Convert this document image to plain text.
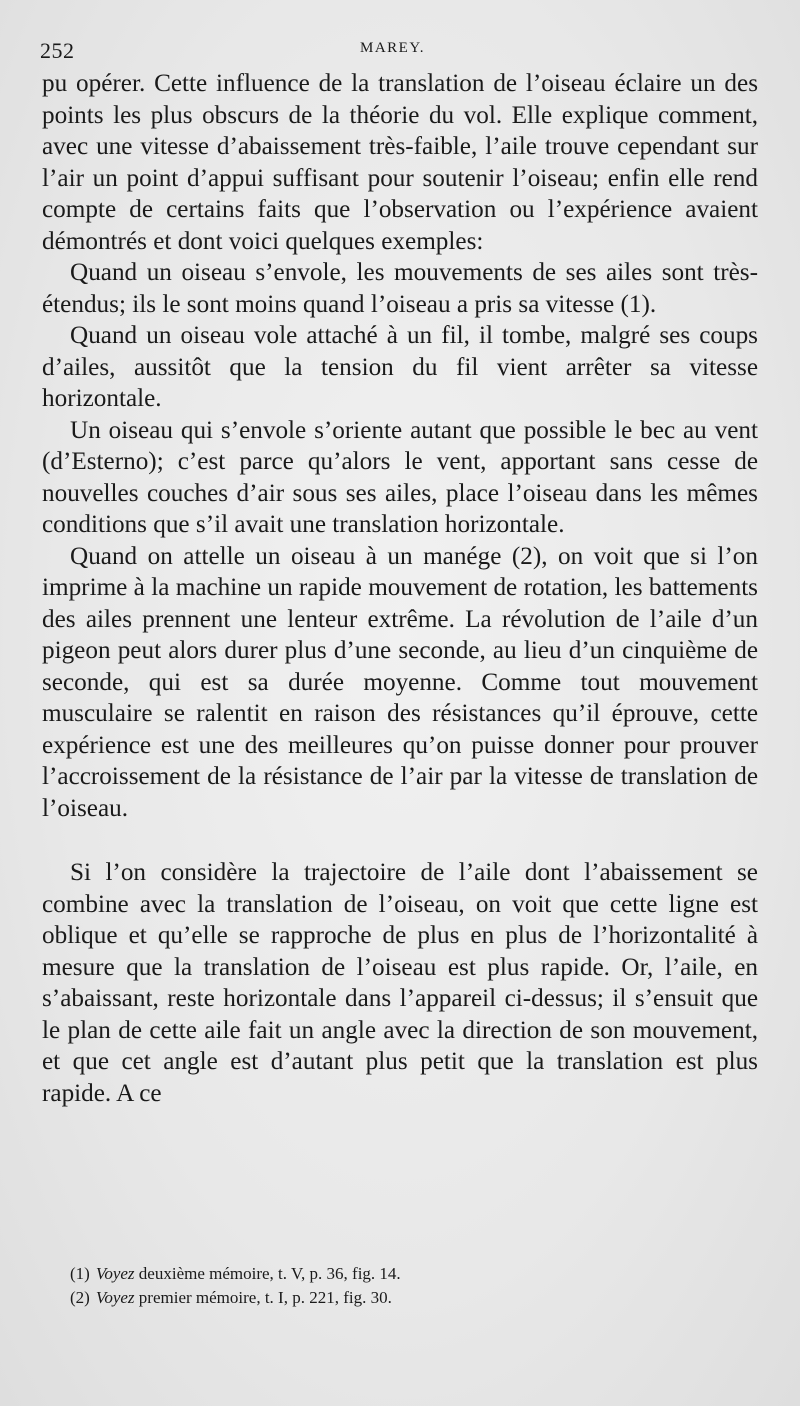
252	MAREY.

pu opérer. Cette influence de la translation de l’oiseau éclaire un des points les plus obscurs de la théorie du vol. Elle explique comment, avec une vitesse d’abaissement très-faible, l’aile trouve cependant sur l’air un point d’appui suffisant pour soutenir l’oiseau; enfin elle rend compte de certains faits que l’observation ou l’expérience avaient démontrés et dont voici quelques exemples:

Quand un oiseau s’envole, les mouvements de ses ailes sont très-étendus; ils le sont moins quand l’oiseau a pris sa vitesse (1).

Quand un oiseau vole attaché à un fil, il tombe, malgré ses coups d’ailes, aussitôt que la tension du fil vient arrêter sa vitesse horizontale.

Un oiseau qui s’envole s’oriente autant que possible le bec au vent (d’Esterno); c’est parce qu’alors le vent, apportant sans cesse de nouvelles couches d’air sous ses ailes, place l’oiseau dans les mêmes conditions que s’il avait une translation horizontale.

Quand on attelle un oiseau à un manége (2), on voit que si l’on imprime à la machine un rapide mouvement de rotation, les battements des ailes prennent une lenteur extrême. La révolution de l’aile d’un pigeon peut alors durer plus d’une seconde, au lieu d’un cinquième de seconde, qui est sa durée moyenne. Comme tout mouvement musculaire se ralentit en raison des résistances qu’il éprouve, cette expérience est une des meilleures qu’on puisse donner pour prouver l’accroissement de la résistance de l’air par la vitesse de translation de l’oiseau.

Si l’on considère la trajectoire de l’aile dont l’abaissement se combine avec la translation de l’oiseau, on voit que cette ligne est oblique et qu’elle se rapproche de plus en plus de l’horizontalité à mesure que la translation de l’oiseau est plus rapide. Or, l’aile, en s’abaissant, reste horizontale dans l’appareil ci-dessus; il s’ensuit que le plan de cette aile fait un angle avec la direction de son mouvement, et que cet angle est d’autant plus petit que la translation est plus rapide. A ce

(1) Voyez deuxième mémoire, t. V, p. 36, fig. 14.

(2) Voyez premier mémoire, t. I, p. 221, fig. 30.
